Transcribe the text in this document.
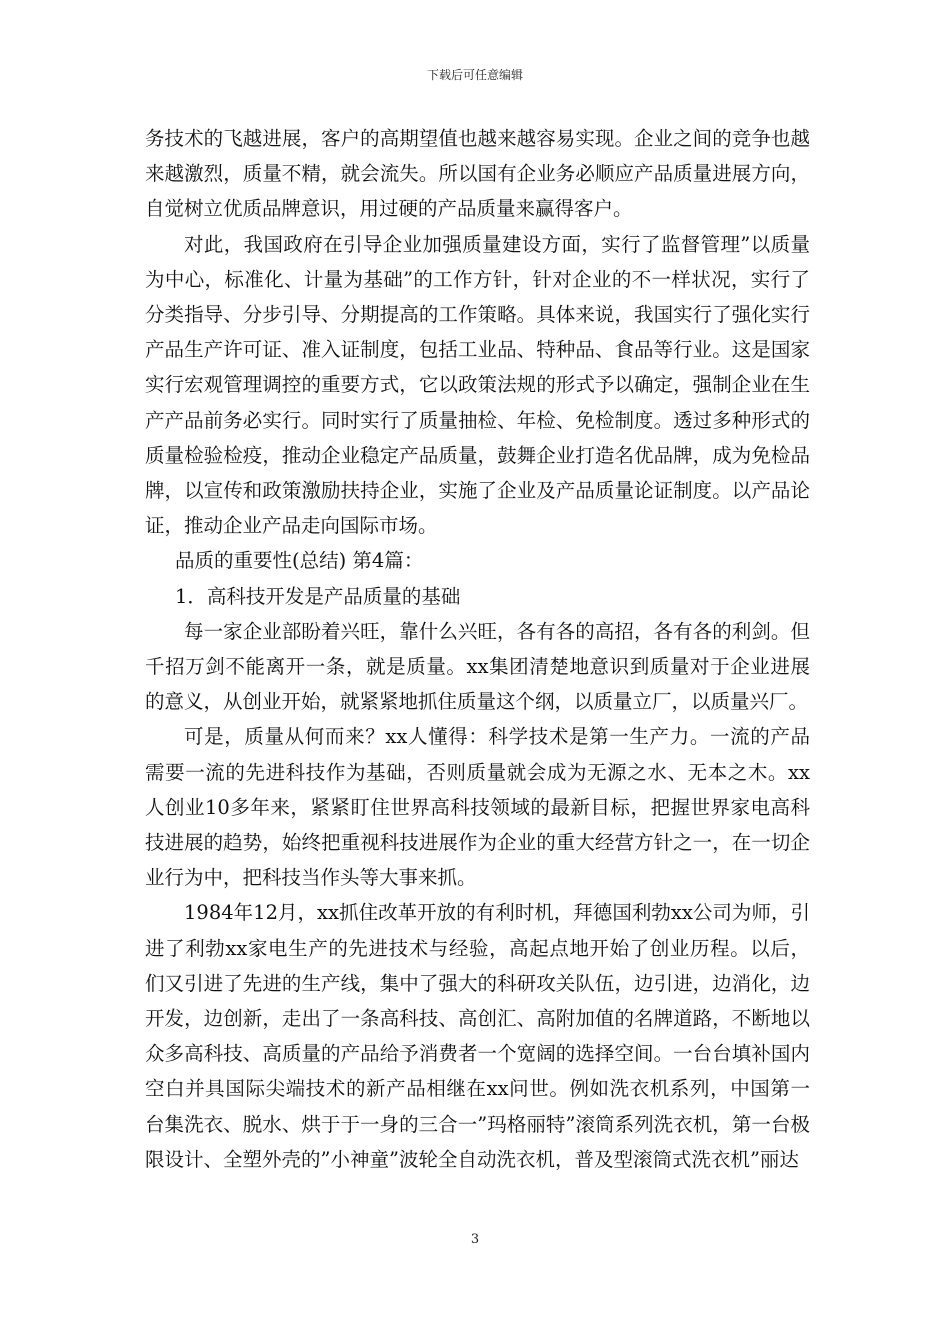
下载后可任意编辑

务技术的飞越进展，客户的高期望值也越来越容易实现。企业之间的竞争也越来越激烈，质量不精，就会流失。所以国有企业务必顺应产品质量进展方向，自觉树立优质品牌意识，用过硬的产品质量来赢得客户。

对此，我国政府在引导企业加强质量建设方面，实行了监督管理”以质量为中心，标准化、计量为基础”的工作方针，针对企业的不一样状况，实行了分类指导、分步引导、分期提高的工作策略。具体来说，我国实行了强化实行产品生产许可证、准入证制度，包括工业品、特种品、食品等行业。这是国家实行宏观管理调控的重要方式，它以政策法规的形式予以确定，强制企业在生产产品前务必实行。同时实行了质量抽检、年检、免检制度。透过多种形式的质量检验检疫，推动企业稳定产品质量，鼓舞企业打造名优品牌，成为免检品牌，以宣传和政策激励扶持企业，实施了企业及产品质量论证制度。以产品论证，推动企业产品走向国际市场。

品质的重要性(总结) 第4篇：

1．高科技开发是产品质量的基础

每一家企业部盼着兴旺，靠什么兴旺，各有各的高招，各有各的利剑。但千招万剑不能离开一条，就是质量。xx集团清楚地意识到质量对于企业进展的意义，从创业开始，就紧紧地抓住质量这个纲，以质量立厂，以质量兴厂。

可是，质量从何而来？xx人懂得：科学技术是第一生产力。一流的产品需要一流的先进科技作为基础，否则质量就会成为无源之水、无本之木。xx人创业10多年来，紧紧盯住世界高科技领域的最新目标，把握世界家电高科技进展的趋势，始终把重视科技进展作为企业的重大经营方针之一，在一切企业行为中，把科技当作头等大事来抓。

1984年12月，xx抓住改革开放的有利时机，拜德国利勃xx公司为师，引进了利勃xx家电生产的先进技术与经验，高起点地开始了创业历程。以后，们又引进了先进的生产线，集中了强大的科研攻关队伍，边引进，边消化，边开发，边创新，走出了一条高科技、高创汇、高附加值的名牌道路，不断地以众多高科技、高质量的产品给予消费者一个宽阔的选择空间。一台台填补国内空白并具国际尖端技术的新产品相继在xx问世。例如洗衣机系列，中国第一台集洗衣、脱水、烘于于一身的三合一”玛格丽特”滚筒系列洗衣机，第一台极限设计、全塑外壳的”小神童”波轮全自动洗衣机，普及型滚筒式洗衣机”丽达

3
